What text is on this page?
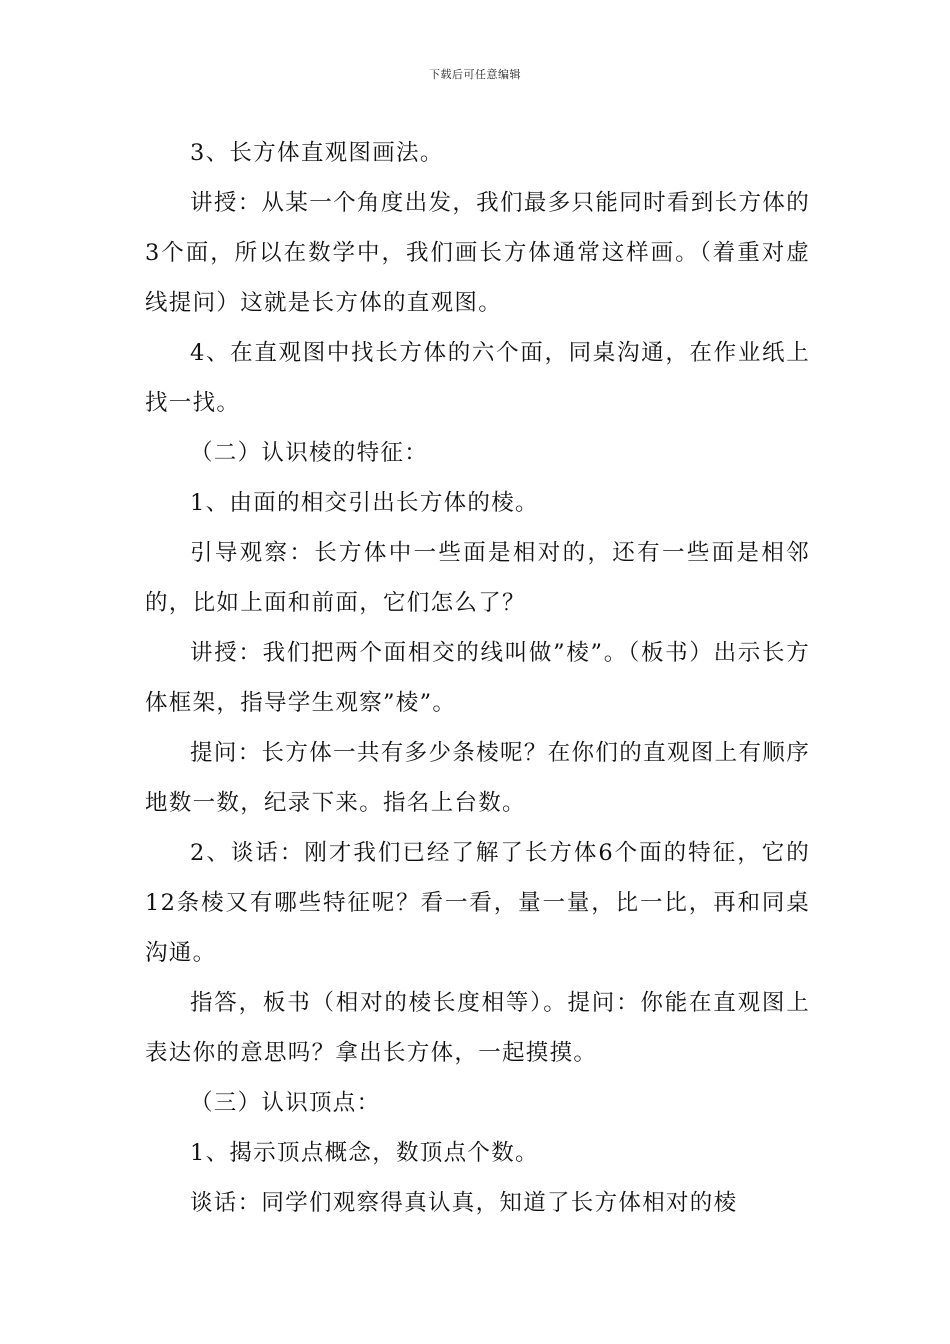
下载后可任意编辑

3、长方体直观图画法。

讲授：从某一个角度出发，我们最多只能同时看到长方体的3个面，所以在数学中，我们画长方体通常这样画。（着重对虚线提问）这就是长方体的直观图。

4、在直观图中找长方体的六个面，同桌沟通，在作业纸上找一找。

（二）认识棱的特征：

1、由面的相交引出长方体的棱。

引导观察：长方体中一些面是相对的，还有一些面是相邻的，比如上面和前面，它们怎么了？

讲授：我们把两个面相交的线叫做”棱”。（板书）出示长方体框架，指导学生观察”棱”。

提问：长方体一共有多少条棱呢？在你们的直观图上有顺序地数一数，纪录下来。指名上台数。

2、谈话：刚才我们已经了解了长方体6个面的特征，它的12条棱又有哪些特征呢？看一看，量一量，比一比，再和同桌沟通。

指答，板书（相对的棱长度相等）。提问：你能在直观图上表达你的意思吗？拿出长方体，一起摸摸。

（三）认识顶点：

1、揭示顶点概念，数顶点个数。

谈话：同学们观察得真认真，知道了长方体相对的棱
